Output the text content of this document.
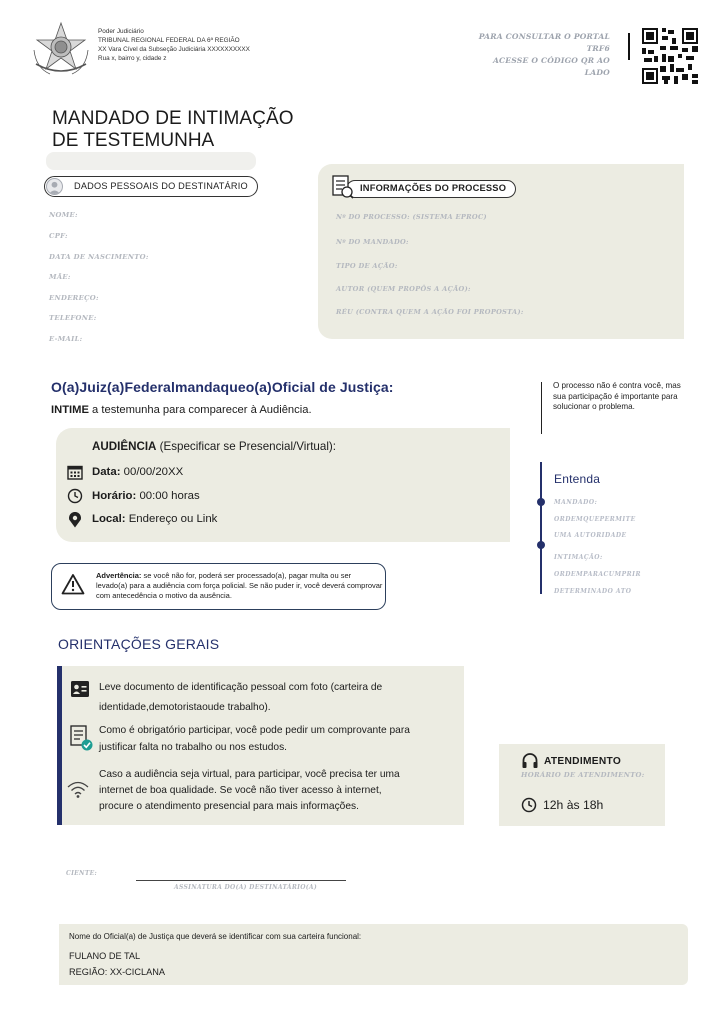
Poder Judiciário
TRIBUNAL REGIONAL FEDERAL DA 6ª REGIÃO
XX Vara Cível da Subseção Judiciária XXXXXXXXXX
Rua x, bairro y, cidade z
PARA CONSULTAR O PORTAL TRF6
ACESSE O CÓDIGO QR AO LADO
MANDADO DE INTIMAÇÃO
DE TESTEMUNHA
DADOS PESSOAIS DO DESTINATÁRIO
NOME:
CPF:
DATA DE NASCIMENTO:
MÃE:
ENDEREÇO:
TELEFONE:
E-MAIL:
INFORMAÇÕES DO PROCESSO
Nº DO PROCESSO: (SISTEMA EPROC)
Nº DO MANDADO:
TIPO DE AÇÃO:
AUTOR (QUEM PROPÔS A AÇÃO):
RÉU (CONTRA QUEM A AÇÃO FOI PROPOSTA):
O(a)Juiz(a)Federalmandaqueo(a)Oficial de Justiça:
INTIME a testemunha para comparecer à Audiência.
O processo não é contra você, mas sua participação é importante para solucionar o problema.
AUDIÊNCIA (Especificar se Presencial/Virtual):
Data: 00/00/20XX
Horário: 00:00 horas
Local: Endereço ou Link
Advertência: se você não for, poderá ser processado(a), pagar multa ou ser levado(a) para a audiência com força policial. Se não puder ir, você deverá comprovar com antecedência o motivo da ausência.
Entenda
MANDADO:
ORDEMQUEPERMITE
UMA AUTORIDADE
INTIMAÇÃO:
ORDEMPARACUMPRIR
DETERMINADO ATO
ORIENTAÇÕES GERAIS
Leve documento de identificação pessoal com foto (carteira de
identidade,demotoristaoude trabalho).
Como é obrigatório participar, você pode pedir um comprovante para
justificar falta no trabalho ou nos estudos.
Caso a audiência seja virtual, para participar, você precisa ter uma
internet de boa qualidade. Se você não tiver acesso à internet,
procure o atendimento presencial para mais informações.
ATENDIMENTO
HORÁRIO DE ATENDIMENTO:
12h às 18h
CIENTE:
ASSINATURA DO(A) DESTINATÁRIO(A)
Nome do Oficial(a) de Justiça que deverá se identificar com sua carteira funcional:
FULANO DE TAL
REGIÃO: XX-CICLANA
